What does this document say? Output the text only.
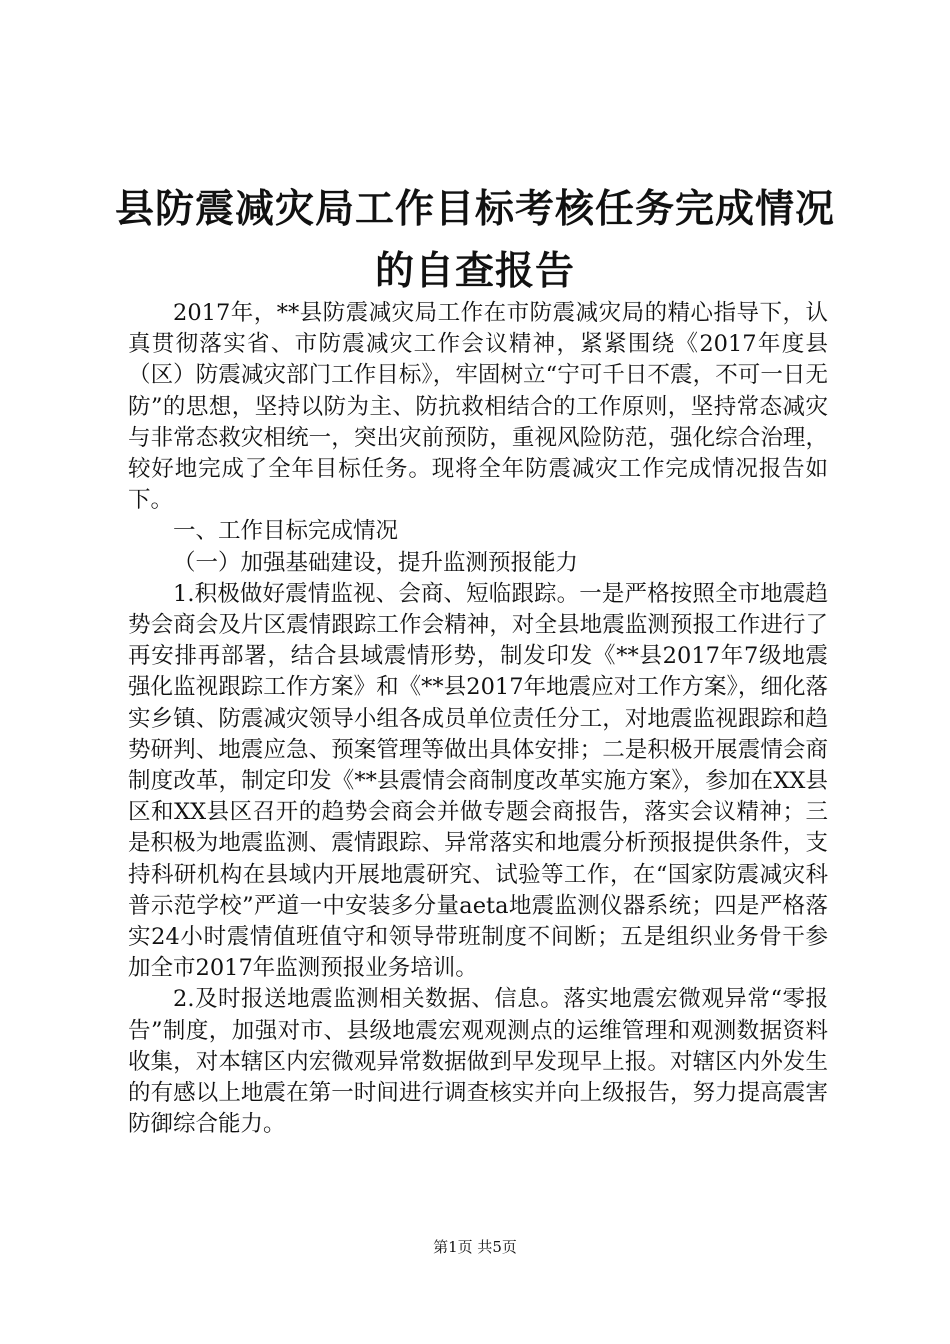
县防震减灾局工作目标考核任务完成情况的自查报告

2017年，**县防震减灾局工作在市防震减灾局的精心指导下，认真贯彻落实省、市防震减灾工作会议精神，紧紧围绕《2017年度县（区）防震减灾部门工作目标》，牢固树立“宁可千日不震，不可一日无防”的思想，坚持以防为主、防抗救相结合的工作原则，坚持常态减灾与非常态救灾相统一，突出灾前预防，重视风险防范，强化综合治理，较好地完成了全年目标任务。现将全年防震减灾工作完成情况报告如下。

一、工作目标完成情况

（一）加强基础建设，提升监测预报能力

1.积极做好震情监视、会商、短临跟踪。一是严格按照全市地震趋势会商会及片区震情跟踪工作会精神，对全县地震监测预报工作进行了再安排再部署，结合县域震情形势，制发印发《**县2017年7级地震强化监视跟踪工作方案》和《**县2017年地震应对工作方案》，细化落实乡镇、防震减灾领导小组各成员单位责任分工，对地震监视跟踪和趋势研判、地震应急、预案管理等做出具体安排；二是积极开展震情会商制度改革，制定印发《**县震情会商制度改革实施方案》，参加在XX县区和XX县区召开的趋势会商会并做专题会商报告，落实会议精神；三是积极为地震监测、震情跟踪、异常落实和地震分析预报提供条件，支持科研机构在县域内开展地震研究、试验等工作，在“国家防震减灾科普示范学校”严道一中安装多分量aeta地震监测仪器系统；四是严格落实24小时震情值班值守和领导带班制度不间断；五是组织业务骨干参加全市2017年监测预报业务培训。

2.及时报送地震监测相关数据、信息。落实地震宏微观异常“零报告”制度，加强对市、县级地震宏观观测点的运维管理和观测数据资料收集，对本辖区内宏微观异常数据做到早发现早上报。对辖区内外发生的有感以上地震在第一时间进行调查核实并向上级报告，努力提高震害防御综合能力。

第1页 共5页
